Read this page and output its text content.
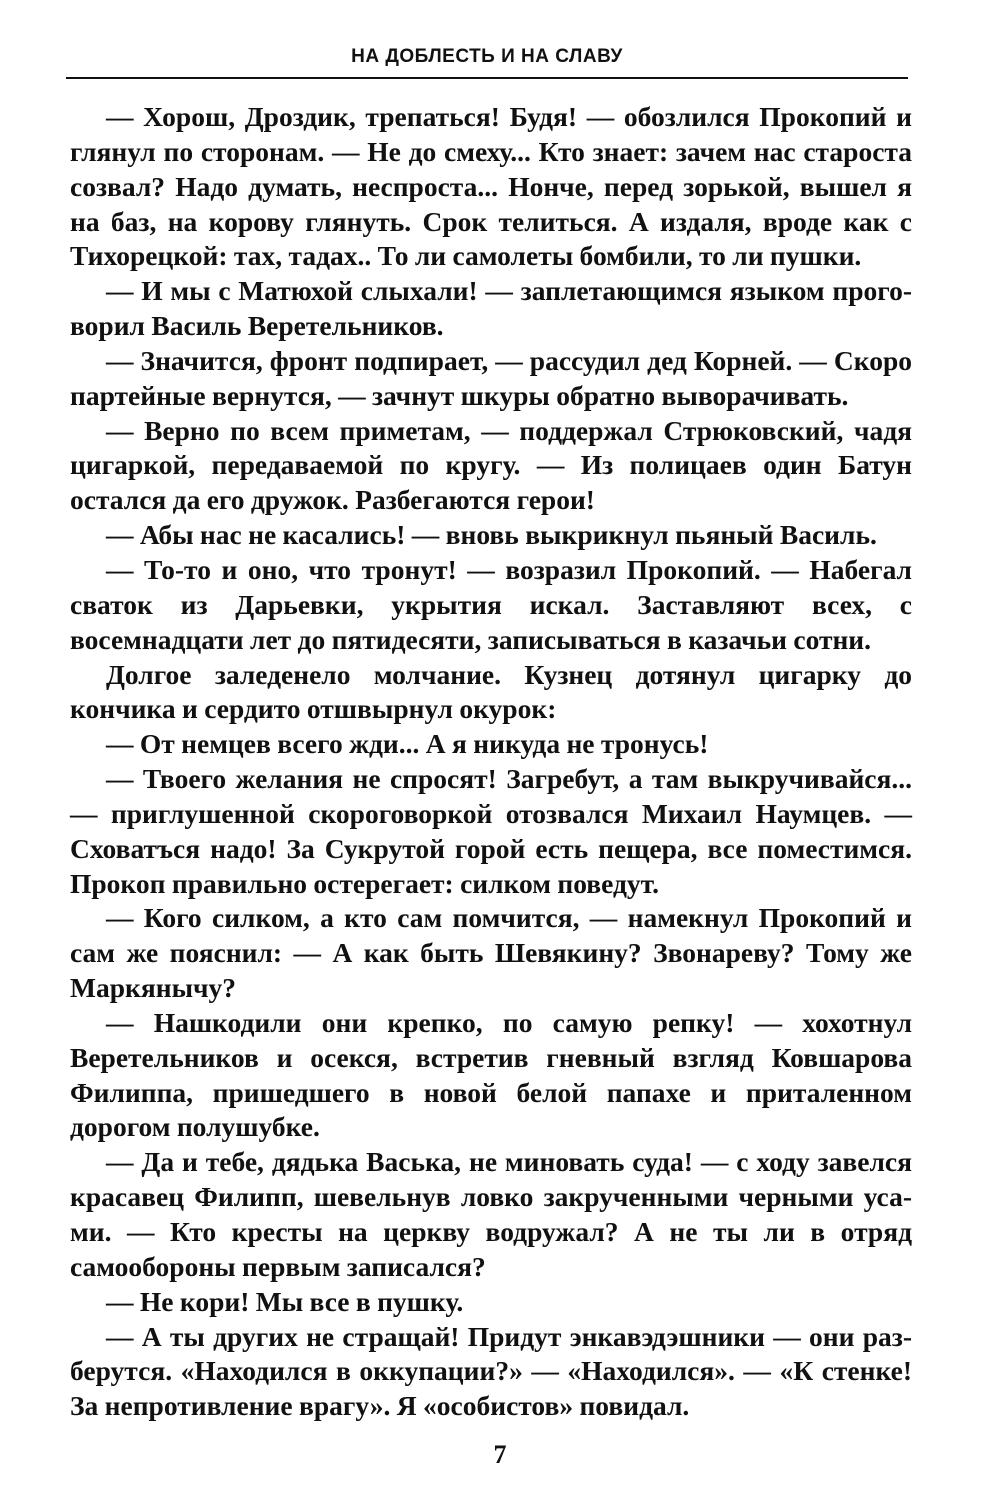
НА ДОБЛЕСТЬ И НА СЛАВУ

— Хорош, Дроздик, трепаться! Будя! — обозлился Прокопий и глянул по сторонам. — Не до смеху... Кто знает: зачем нас староста созвал? Надо думать, неспроста... Нонче, перед зорькой, вышел я на баз, на корову глянуть. Срок телиться. А издаля, вроде как с Тихорецкой: тах, тадах.. То ли самолеты бомбили, то ли пушки.

— И мы с Матюхой слыхали! — заплетающимся языком проговорил Василь Веретельников.

— Значится, фронт подпирает, — рассудил дед Корней. — Скоро партейные вернутся, — зачнут шкуры обратно выворачивать.

— Верно по всем приметам, — поддержал Стрюковский, чадя цигаркой, передаваемой по кругу. — Из полицаев один Батун остался да его дружок. Разбегаются герои!

— Абы нас не касались! — вновь выкрикнул пьяный Василь.

— То-то и оно, что тронут! — возразил Прокопий. — Набегал сваток из Дарьевки, укрытия искал. Заставляют всех, с восемнадцати лет до пятидесяти, записываться в казачьи сотни.

Долгое заледенело молчание. Кузнец дотянул цигарку до кончика и сердито отшвырнул окурок:

— От немцев всего жди... А я никуда не тронусь!

— Твоего желания не спросят! Загребут, а там выкручивайся... — приглушенной скороговоркой отозвался Михаил Наумцев. — Сховатъся надо! За Сукрутой горой есть пещера, все поместимся. Прокоп правильно остерегает: силком поведут.

— Кого силком, а кто сам помчится, — намекнул Прокопий и сам же пояснил: — А как быть Шевякину? Звонареву? Тому же Маркянычу?

— Нашкодили они крепко, по самую репку! — хохотнул Веретельников и осекся, встретив гневный взгляд Ковшарова Филиппа, пришедшего в новой белой папахе и приталенном дорогом полушубке.

— Да и тебе, дядька Васька, не миновать суда! — с ходу завелся красавец Филипп, шевельнув ловко закрученными черными усами. — Кто кресты на церкву водружал? А не ты ли в отряд самообороны первым записался?

— Не кори! Мы все в пушку.

— А ты других не стращай! Придут энкавэдэшники — они разберутся. «Находился в оккупации?» — «Находился». — «К стенке! За непротивление врагу». Я «особистов» повидал.

7
